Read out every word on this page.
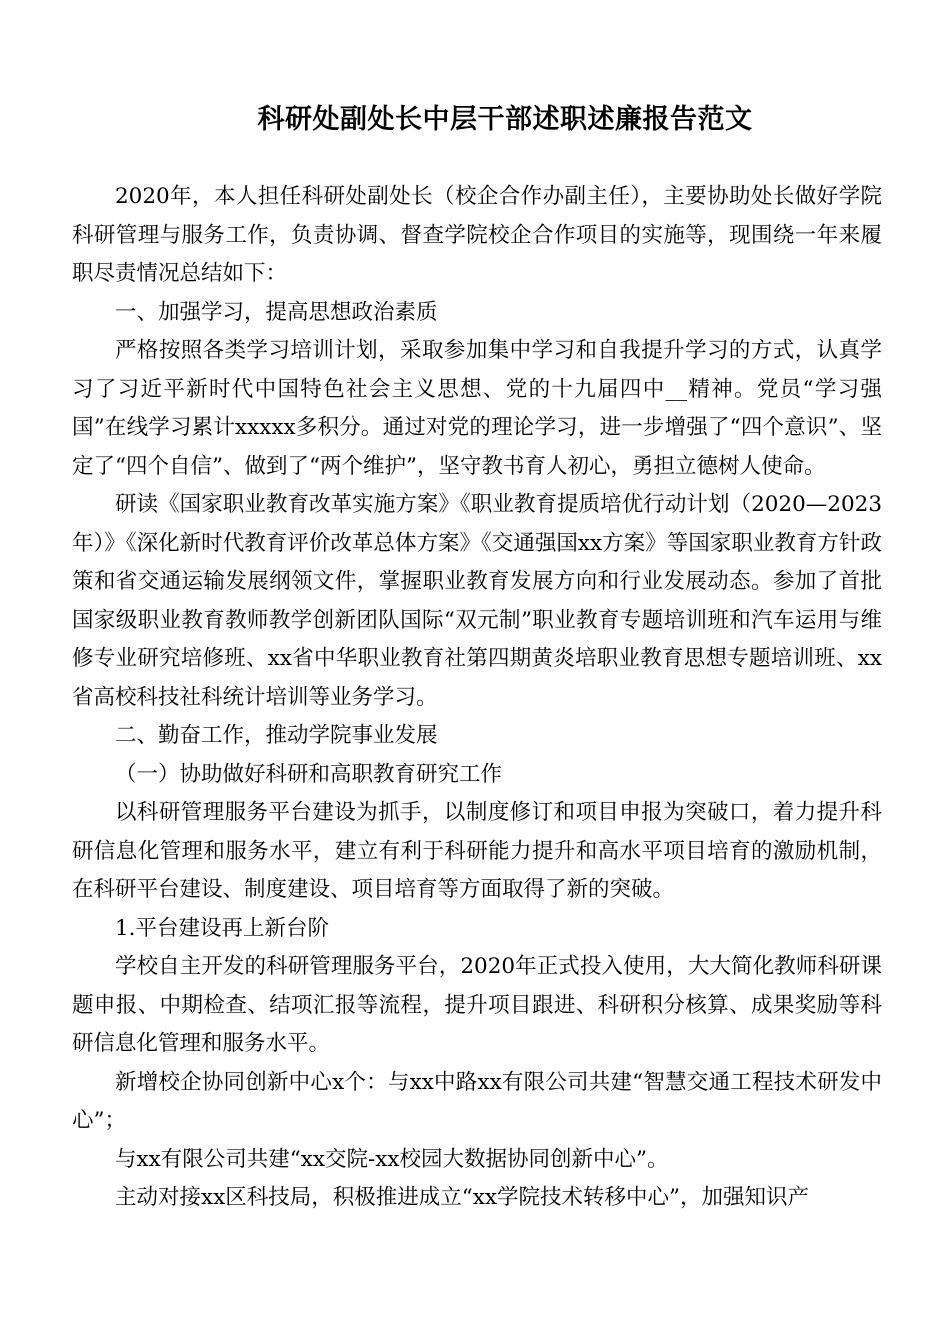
科研处副处长中层干部述职述廉报告范文

2020年，本人担任科研处副处长（校企合作办副主任），主要协助处长做好学院科研管理与服务工作，负责协调、督查学院校企合作项目的实施等，现围绕一年来履职尽责情况总结如下：

一、加强学习，提高思想政治素质

严格按照各类学习培训计划，采取参加集中学习和自我提升学习的方式，认真学习了习近平新时代中国特色社会主义思想、党的十九届四中__精神。党员“学习强国”在线学习累计xxxxx多积分。通过对党的理论学习，进一步增强了“四个意识”、坚定了“四个自信”、做到了“两个维护”，坚守教书育人初心，勇担立德树人使命。

研读《国家职业教育改革实施方案》《职业教育提质培优行动计划（2020—2023年）》《深化新时代教育评价改革总体方案》《交通强国xx方案》等国家职业教育方针政策和省交通运输发展纲领文件，掌握职业教育发展方向和行业发展动态。参加了首批国家级职业教育教师教学创新团队国际“双元制”职业教育专题培训班和汽车运用与维修专业研究培修班、xx省中华职业教育社第四期黄炎培职业教育思想专题培训班、xx省高校科技社科统计培训等业务学习。

二、勤奋工作，推动学院事业发展

（一）协助做好科研和高职教育研究工作

以科研管理服务平台建设为抓手，以制度修订和项目申报为突破口，着力提升科研信息化管理和服务水平，建立有利于科研能力提升和高水平项目培育的激励机制，在科研平台建设、制度建设、项目培育等方面取得了新的突破。

1.平台建设再上新台阶

学校自主开发的科研管理服务平台，2020年正式投入使用，大大简化教师科研课题申报、中期检查、结项汇报等流程，提升项目跟进、科研积分核算、成果奖励等科研信息化管理和服务水平。

新增校企协同创新中心x个：与xx中路xx有限公司共建“智慧交通工程技术研发中心”；

与xx有限公司共建“xx交院-xx校园大数据协同创新中心”。

主动对接xx区科技局，积极推进成立“xx学院技术转移中心”，加强知识产
